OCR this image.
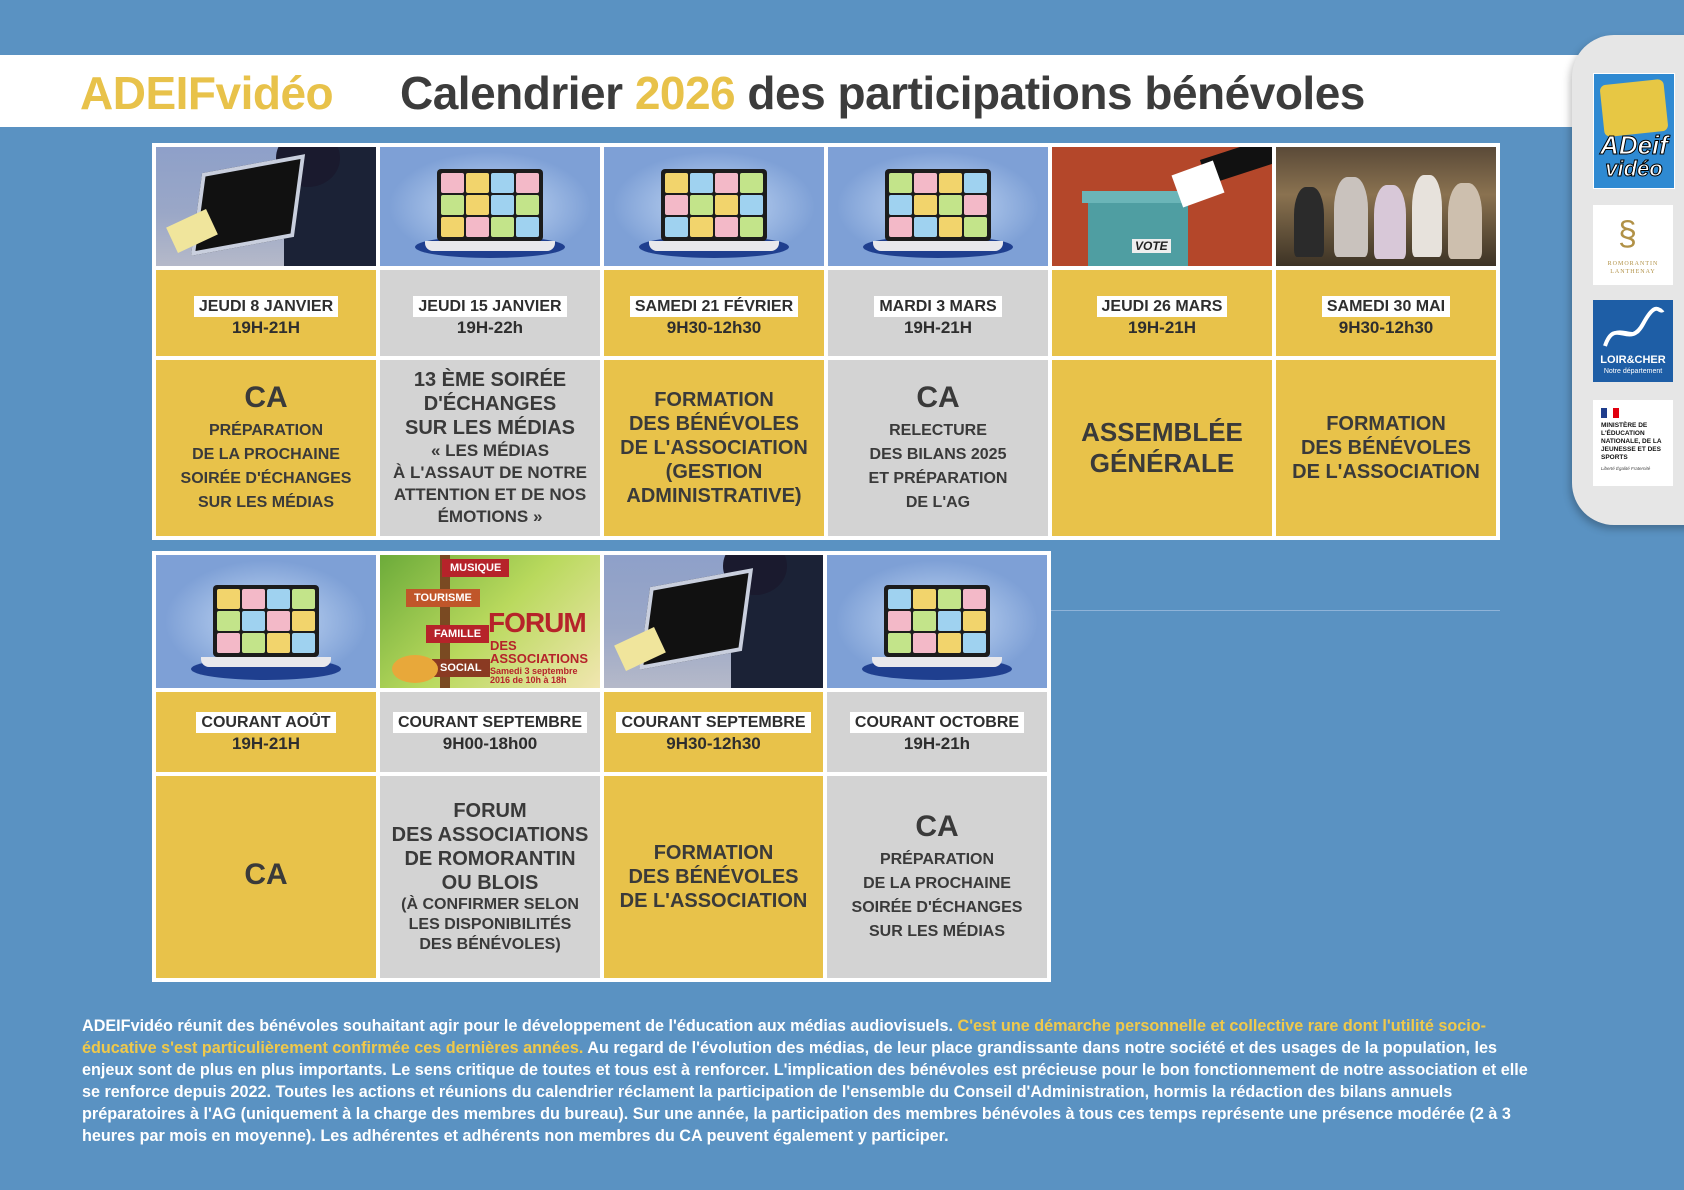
ADEIFvidéo Calendrier 2026 des participations bénévoles
ADeif
vidéo
§
ROMORANTIN LANTHENAY
LOIR&CHER
Notre département
MINISTÈRE DE L'ÉDUCATION NATIONALE, DE LA JEUNESSE ET DES SPORTS
Liberté Égalité Fraternité
VOTE
JEUDI 8 JANVIER
19H-21H
JEUDI 15 JANVIER
19H-22h
SAMEDI 21 FÉVRIER
9H30-12h30
MARDI 3 MARS
19H-21H
JEUDI 26 MARS
19H-21H
SAMEDI 30 MAI
9H30-12h30
CA
PRÉPARATION
DE LA PROCHAINE
SOIRÉE D'ÉCHANGES
SUR LES MÉDIAS
13 ÈME SOIRÉE
D'ÉCHANGES
SUR LES MÉDIAS
« LES MÉDIAS
À L'ASSAUT DE NOTRE
ATTENTION ET DE NOS
ÉMOTIONS »
FORMATION
DES BÉNÉVOLES
DE L'ASSOCIATION
(GESTION
ADMINISTRATIVE)
CA
RELECTURE
DES BILANS 2025
ET PRÉPARATION
DE L'AG
ASSEMBLÉE
GÉNÉRALE
FORMATION
DES BÉNÉVOLES
DE L'ASSOCIATION
MUSIQUE
TOURISME
FAMILLE
SOCIAL
FORUM
DES
ASSOCIATIONS
Samedi 3 septembre 2016 de 10h à 18h
COURANT AOÛT
19H-21H
COURANT SEPTEMBRE
9H00-18h00
COURANT SEPTEMBRE
9H30-12h30
COURANT OCTOBRE
19H-21h
CA
FORUM
DES ASSOCIATIONS
DE ROMORANTIN
OU BLOIS
(À CONFIRMER SELON
LES DISPONIBILITÉS
DES BÉNÉVOLES)
FORMATION
DES BÉNÉVOLES
DE L'ASSOCIATION
CA
PRÉPARATION
DE LA PROCHAINE
SOIRÉE D'ÉCHANGES
SUR LES MÉDIAS
ADEIFvidéo réunit des bénévoles souhaitant agir pour le développement de l'éducation aux médias audiovisuels. C'est une démarche personnelle et collective rare dont l'utilité socio-éducative s'est particulièrement confirmée ces dernières années. Au regard de l'évolution des médias, de leur place grandissante dans notre société et des usages de la population, les enjeux sont de plus en plus importants. Le sens critique de toutes et tous est à renforcer. L'implication des bénévoles est précieuse pour le bon fonctionnement de notre association et elle se renforce depuis 2022. Toutes les actions et réunions du calendrier réclament la participation de l'ensemble du Conseil d'Administration, hormis la rédaction des bilans annuels préparatoires à l'AG (uniquement à la charge des membres du bureau). Sur une année, la participation des membres bénévoles à tous ces temps représente une présence modérée (2 à 3 heures par mois en moyenne). Les adhérentes et adhérents non membres du CA peuvent également y participer.
